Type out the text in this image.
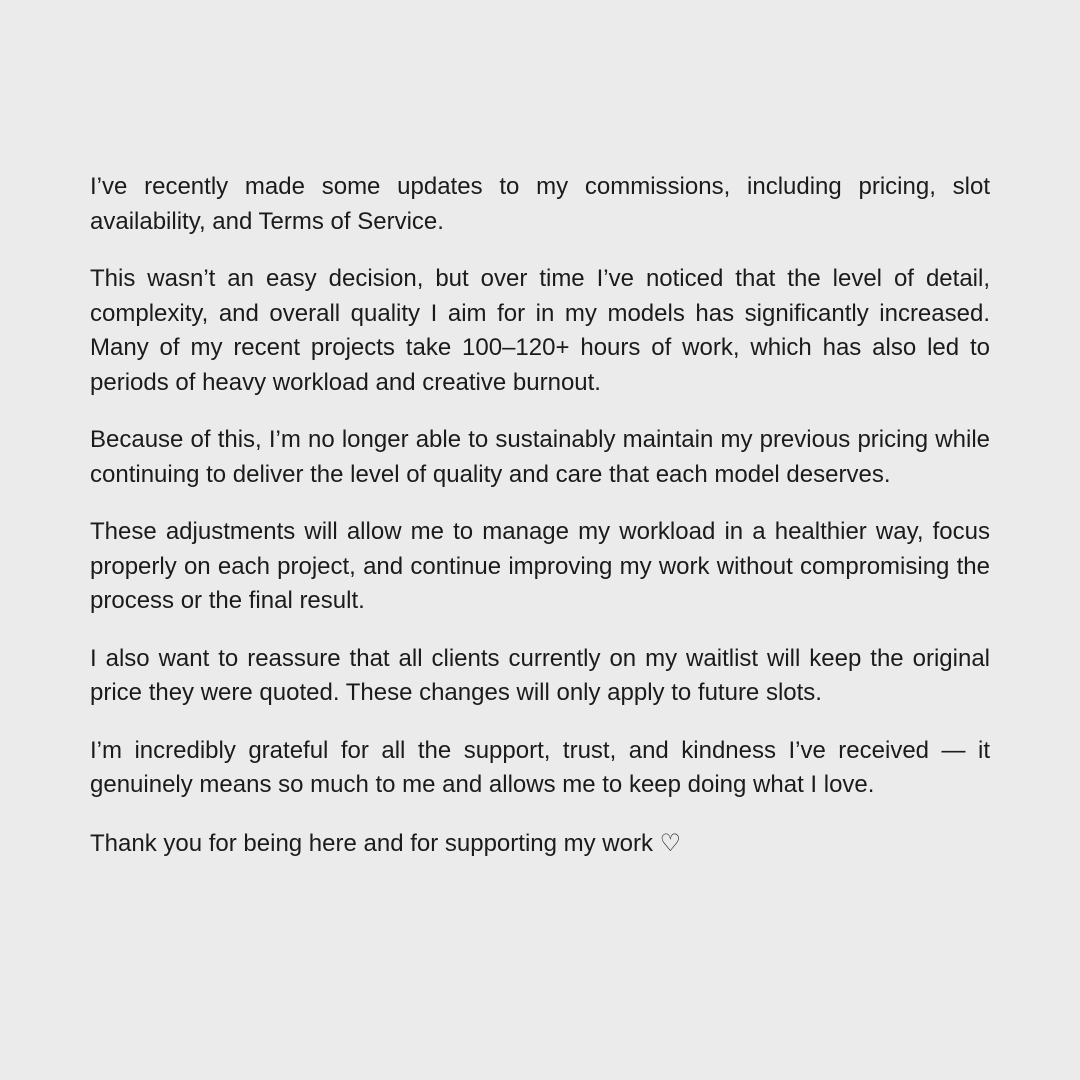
I’ve recently made some updates to my commissions, including pricing, slot availability, and Terms of Service.

This wasn’t an easy decision, but over time I’ve noticed that the level of detail, complexity, and overall quality I aim for in my models has significantly increased. Many of my recent projects take 100–120+ hours of work, which has also led to periods of heavy workload and creative burnout.

Because of this, I’m no longer able to sustainably maintain my previous pricing while continuing to deliver the level of quality and care that each model deserves.

These adjustments will allow me to manage my workload in a healthier way, focus properly on each project, and continue improving my work without compromising the process or the final result.

I also want to reassure that all clients currently on my waitlist will keep the original price they were quoted. These changes will only apply to future slots.

I’m incredibly grateful for all the support, trust, and kindness I’ve received — it genuinely means so much to me and allows me to keep doing what I love.

Thank you for being here and for supporting my work ♡
